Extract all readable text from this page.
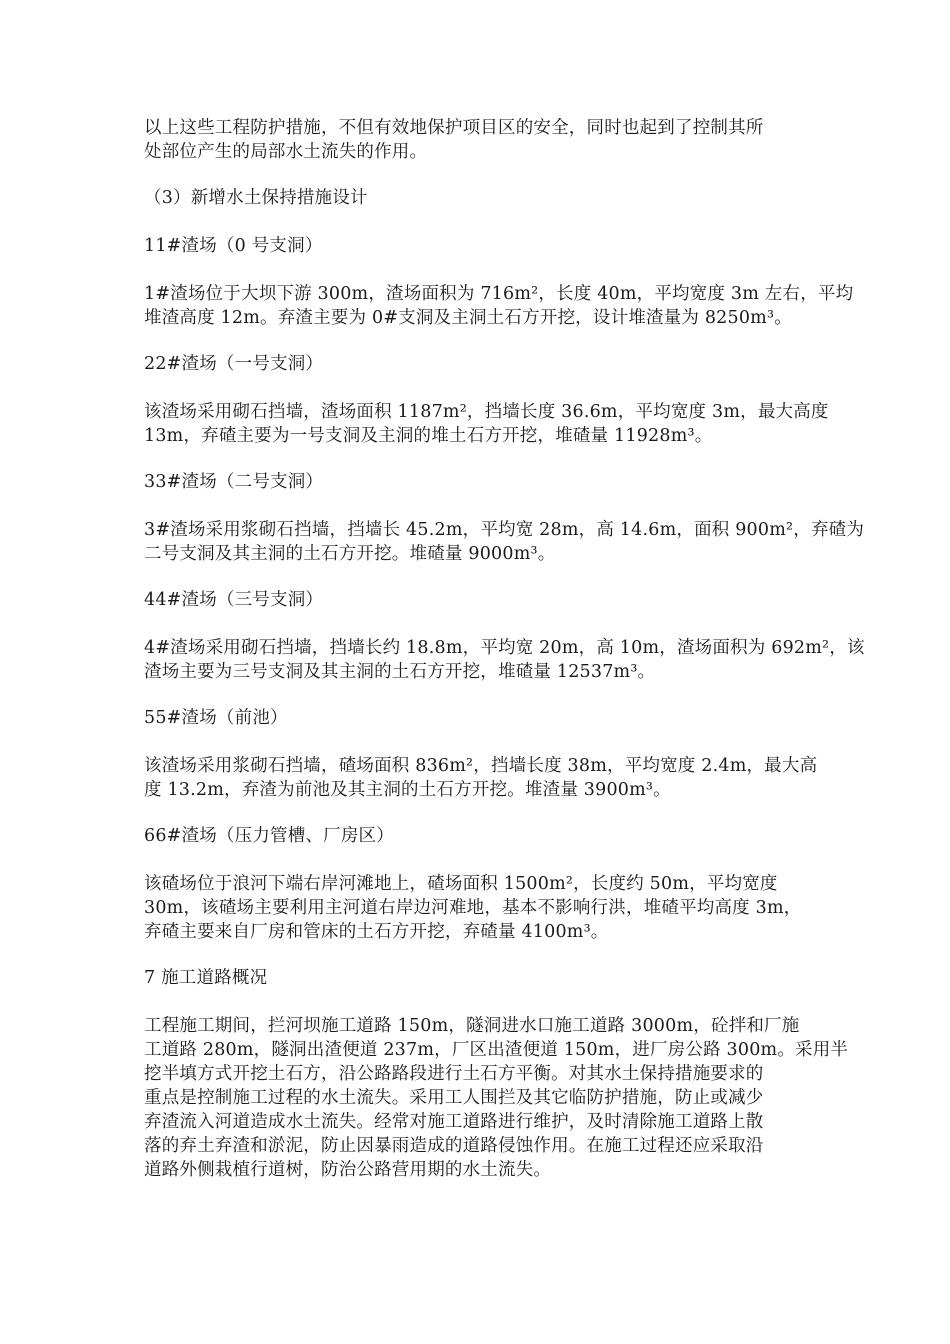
以上这些工程防护措施，不但有效地保护项目区的安全，同时也起到了控制其所
处部位产生的局部水土流失的作用。

（3）新增水土保持措施设计

11#渣场（0 号支洞）

1#渣场位于大坝下游 300m，渣场面积为 716m²，长度 40m，平均宽度 3m 左右，平均
堆渣高度 12m。弃渣主要为 0#支洞及主洞土石方开挖，设计堆渣量为 8250m³。

22#渣场（一号支洞）

该渣场采用砌石挡墙，渣场面积 1187m²，挡墙长度 36.6m，平均宽度 3m，最大高度
13m，弃碴主要为一号支洞及主洞的堆土石方开挖，堆碴量 11928m³。

33#渣场（二号支洞）

3#渣场采用浆砌石挡墙，挡墙长 45.2m，平均宽 28m，高 14.6m，面积 900m²，弃碴为
二号支洞及其主洞的土石方开挖。堆碴量 9000m³。

44#渣场（三号支洞）

4#渣场采用砌石挡墙，挡墙长约 18.8m，平均宽 20m，高 10m，渣场面积为 692m²，该
渣场主要为三号支洞及其主洞的土石方开挖，堆碴量 12537m³。

55#渣场（前池）

该渣场采用浆砌石挡墙，碴场面积 836m²，挡墙长度 38m，平均宽度 2.4m，最大高
度 13.2m，弃渣为前池及其主洞的土石方开挖。堆渣量 3900m³。

66#渣场（压力管槽、厂房区）

该碴场位于浪河下端右岸河滩地上，碴场面积 1500m²，长度约 50m，平均宽度
30m，该碴场主要利用主河道右岸边河难地，基本不影响行洪，堆碴平均高度 3m，
弃碴主要来自厂房和管床的土石方开挖，弃碴量 4100m³。

7 施工道路概况

工程施工期间，拦河坝施工道路 150m，隧洞进水口施工道路 3000m，砼拌和厂施
工道路 280m，隧洞出渣便道 237m，厂区出渣便道 150m，进厂房公路 300m。采用半
挖半填方式开挖土石方，沿公路路段进行土石方平衡。对其水土保持措施要求的
重点是控制施工过程的水土流失。采用工人围拦及其它临防护措施，防止或减少
弃渣流入河道造成水土流失。经常对施工道路进行维护，及时清除施工道路上散
落的弃土弃渣和淤泥，防止因暴雨造成的道路侵蚀作用。在施工过程还应采取沿
道路外侧栽植行道树，防治公路营用期的水土流失。
